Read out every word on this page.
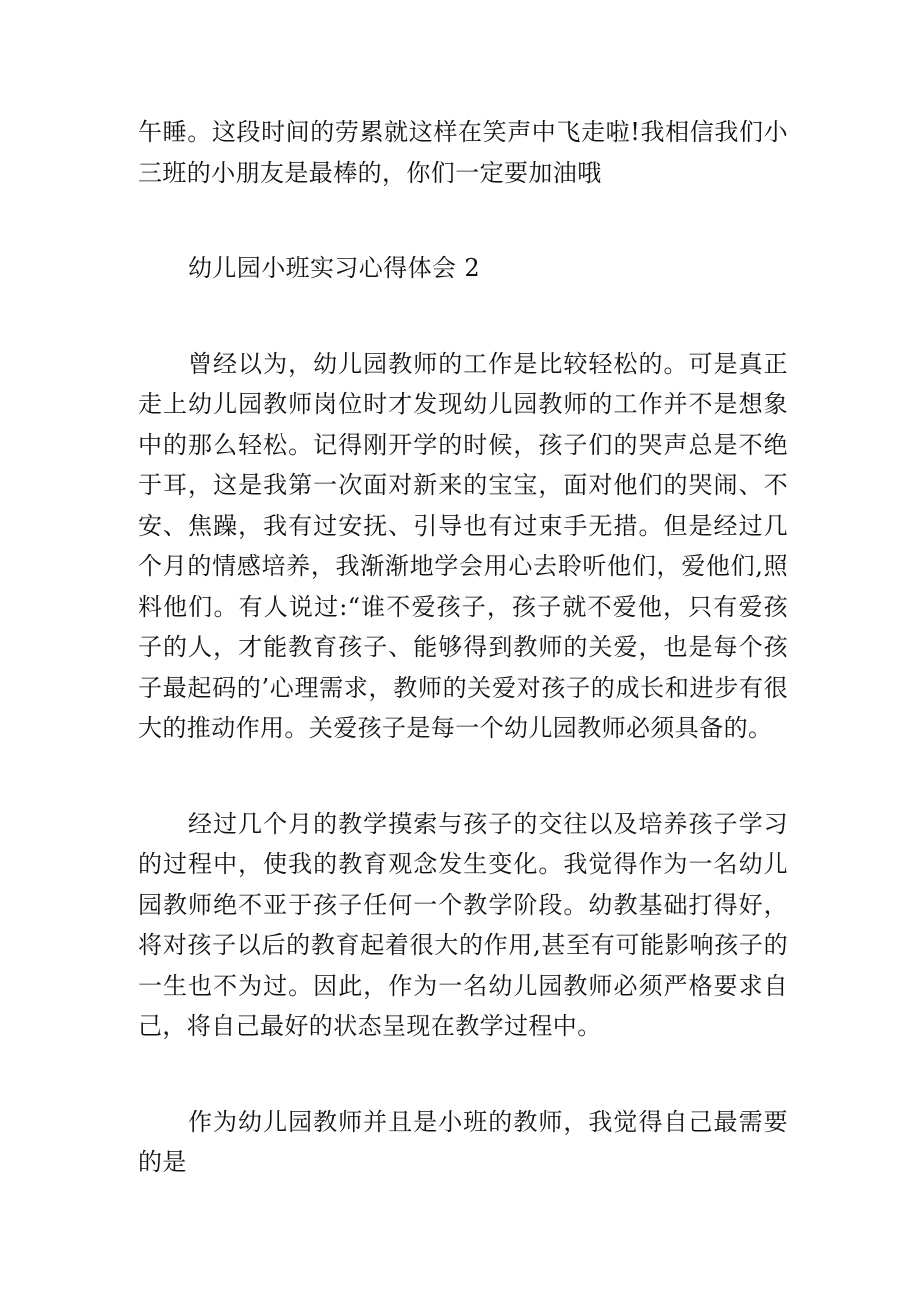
午睡。这段时间的劳累就这样在笑声中飞走啦!我相信我们小三班的小朋友是最棒的，你们一定要加油哦

幼儿园小班实习心得体会 2

曾经以为，幼儿园教师的工作是比较轻松的。可是真正走上幼儿园教师岗位时才发现幼儿园教师的工作并不是想象中的那么轻松。记得刚开学的时候，孩子们的哭声总是不绝于耳，这是我第一次面对新来的宝宝，面对他们的哭闹、不安、焦躁，我有过安抚、引导也有过束手无措。但是经过几个月的情感培养，我渐渐地学会用心去聆听他们，爱他们,照料他们。有人说过:“谁不爱孩子，孩子就不爱他，只有爱孩子的人，才能教育孩子、能够得到教师的关爱，也是每个孩子最起码的’心理需求，教师的关爱对孩子的成长和进步有很大的推动作用。关爱孩子是每一个幼儿园教师必须具备的。

经过几个月的教学摸索与孩子的交往以及培养孩子学习的过程中，使我的教育观念发生变化。我觉得作为一名幼儿园教师绝不亚于孩子任何一个教学阶段。幼教基础打得好，将对孩子以后的教育起着很大的作用,甚至有可能影响孩子的一生也不为过。因此，作为一名幼儿园教师必须严格要求自己，将自己最好的状态呈现在教学过程中。

作为幼儿园教师并且是小班的教师，我觉得自己最需要的是
